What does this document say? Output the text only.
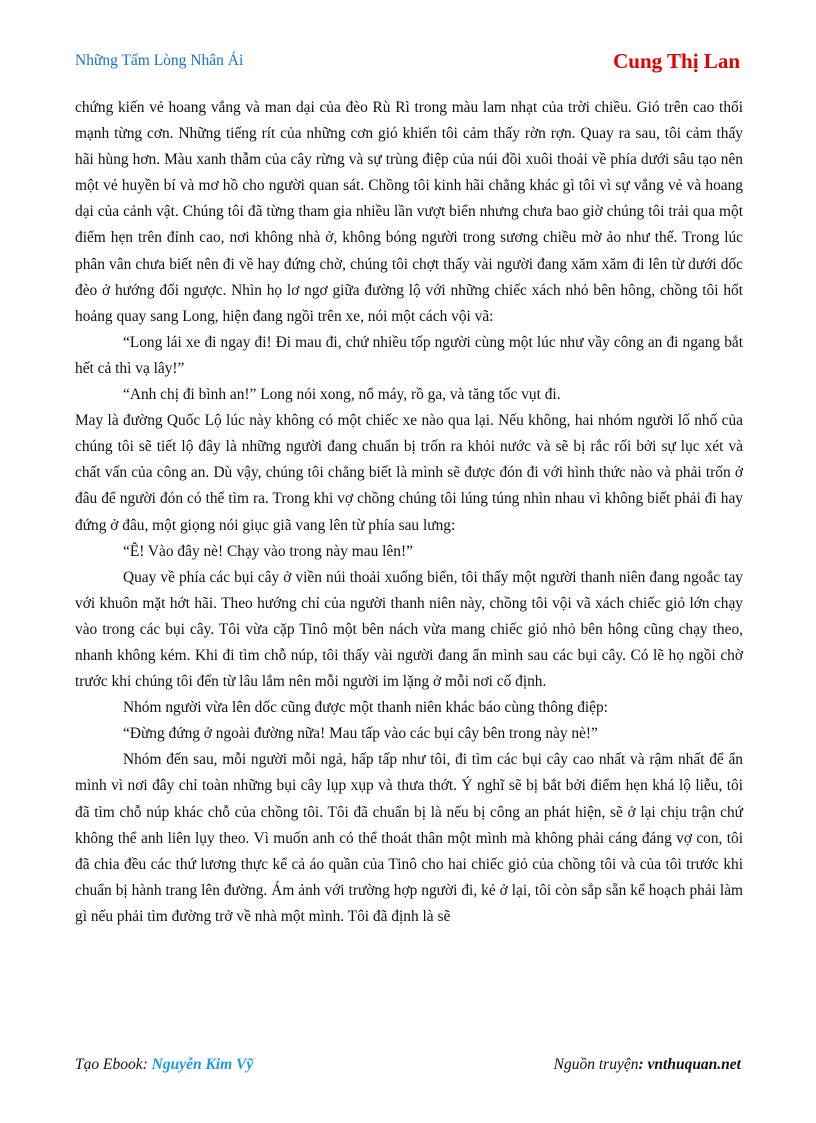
Những Tấm Lòng Nhân Ái	Cung Thị Lan

chứng kiến vẻ hoang vắng và man dại của đèo Rù Rì trong màu lam nhạt của trời chiều. Gió trên cao thổi mạnh từng cơn. Những tiếng rít của những cơn gió khiến tôi cảm thấy rờn rợn. Quay ra sau, tôi cảm thấy hãi hùng hơn. Màu xanh thẫm của cây rừng và sự trùng điệp của núi đồi xuôi thoải về phía dưới sâu tạo nên một vẻ huyền bí và mơ hồ cho người quan sát. Chồng tôi kinh hãi chẳng khác gì tôi vì sự vắng vẻ và hoang dại của cảnh vật. Chúng tôi đã từng tham gia nhiều lần vượt biển nhưng chưa bao giờ chúng tôi trải qua một điểm hẹn trên đỉnh cao, nơi không nhà ở, không bóng người trong sương chiều mờ ảo như thế. Trong lúc phân vân chưa biết nên đi về hay đứng chờ, chúng tôi chợt thấy vài người đang xăm xăm đi lên từ dưới dốc đèo ở hướng đối ngược. Nhìn họ lơ ngơ giữa đường lộ với những chiếc xách nhỏ bên hông, chồng tôi hốt hoảng quay sang Long, hiện đang ngồi trên xe, nói một cách vội vã:

“Long lái xe đi ngay đi! Đi mau đi, chứ nhiều tốp người cùng một lúc như vầy công an đi ngang bắt hết cả thì vạ lây!”

“Anh chị đi bình an!” Long nói xong, nổ máy, rồ ga, và tăng tốc vụt đi.

May là đường Quốc Lộ lúc này không có một chiếc xe nào qua lại. Nếu không, hai nhóm người lố nhố của chúng tôi sẽ tiết lộ đây là những người đang chuẩn bị trốn ra khỏi nước và sẽ bị rắc rối bởi sự lục xét và chất vấn của công an. Dù vậy, chúng tôi chẳng biết là mình sẽ được đón đi với hình thức nào và phải trốn ở đâu để người đón có thể tìm ra. Trong khi vợ chồng chúng tôi lúng túng nhìn nhau vì không biết phải đi hay đứng ở đâu, một giọng nói giục giã vang lên từ phía sau lưng:

“Ê! Vào đây nè! Chạy vào trong này mau lên!”

Quay về phía các bụi cây ở viền núi thoải xuống biển, tôi thấy một người thanh niên đang ngoắc tay với khuôn mặt hớt hãi. Theo hướng chỉ của người thanh niên này, chồng tôi vội vã xách chiếc giỏ lớn chạy vào trong các bụi cây. Tôi vừa cặp Tinô một bên nách vừa mang chiếc giỏ nhỏ bên hông cũng chạy theo, nhanh không kém. Khi đi tìm chỗ núp, tôi thấy vài người đang ẩn mình sau các bụi cây. Có lẽ họ ngồi chờ trước khi chúng tôi đến từ lâu lắm nên mỗi người im lặng ở mỗi nơi cố định.

Nhóm người vừa lên dốc cũng được một thanh niên khác báo cùng thông điệp:

“Đừng đứng ở ngoài đường nữa! Mau tấp vào các bụi cây bên trong này nè!”

Nhóm đến sau, mỗi người mỗi ngả, hấp tấp như tôi, đi tìm các bụi cây cao nhất và rậm nhất để ẩn mình vì nơi đây chỉ toàn những bụi cây lụp xụp và thưa thớt. Ý nghĩ sẽ bị bắt bởi điểm hẹn khá lộ liễu, tôi đã tìm chỗ núp khác chỗ của chồng tôi. Tôi đã chuẩn bị là nếu bị công an phát hiện, sẽ ở lại chịu trận chứ không thể anh liên lụy theo. Vì muốn anh có thể thoát thân một mình mà không phải cáng đáng vợ con, tôi đã chia đều các thứ lương thực kể cả áo quần của Tinô cho hai chiếc giỏ của chồng tôi và của tôi trước khi chuẩn bị hành trang lên đường. Ám ảnh với trường hợp người đi, kẻ ở lại, tôi còn sắp sẵn kế hoạch phải làm gì nếu phải tìm đường trở về nhà một mình. Tôi đã định là sẽ

Tạo Ebook: Nguyễn Kim Vỹ	Nguồn truyện: vnthuquan.net
